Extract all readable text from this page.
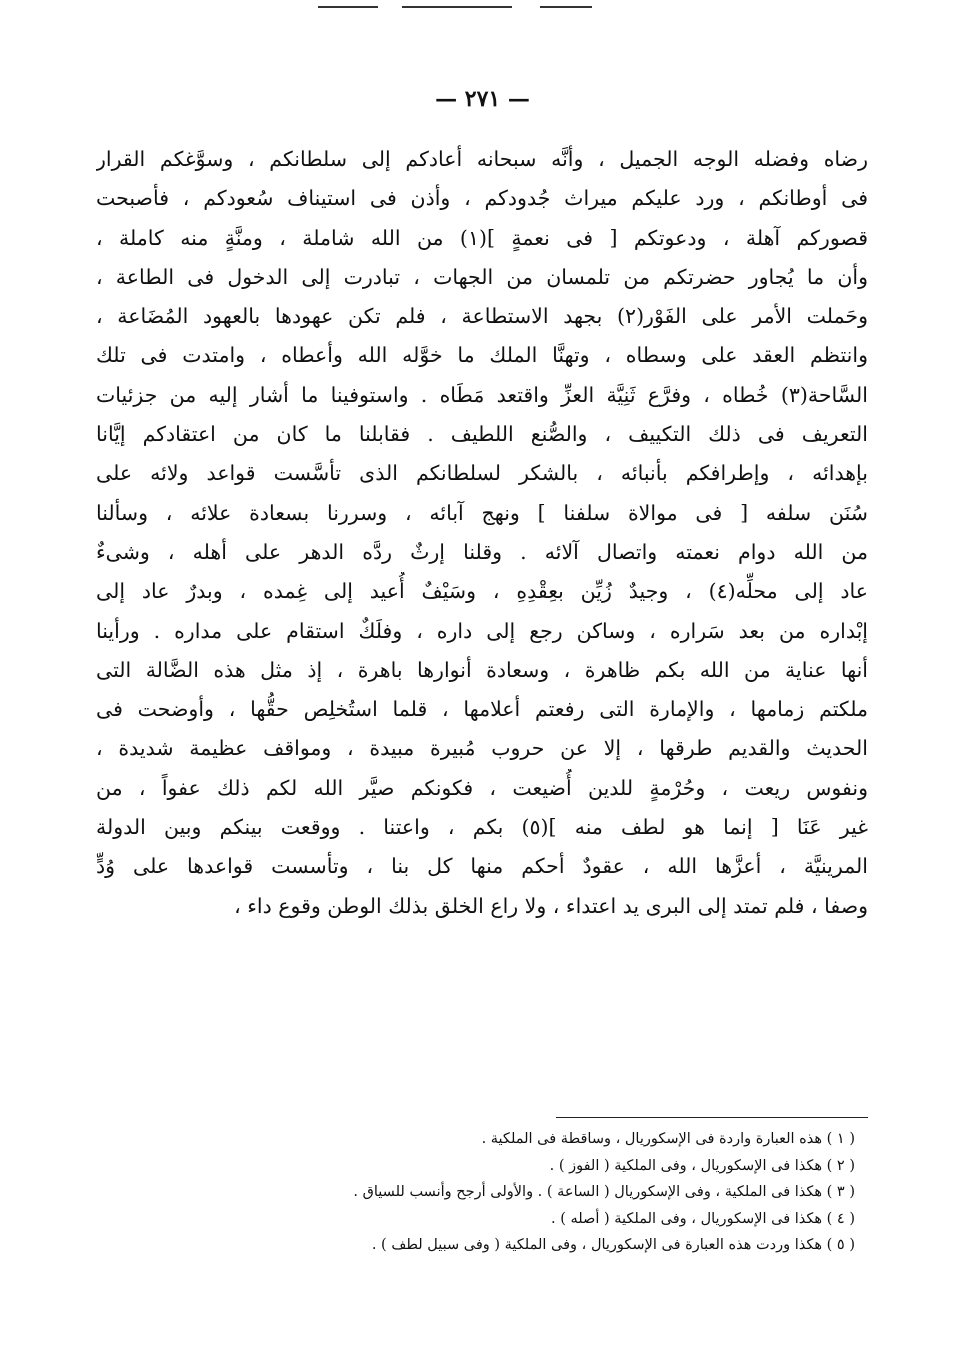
— ٢٧١ —
رضاه وفضله الوجه الجميل ، وأنَّه سبحانه أعادكم إلى سلطانكم ، وسوَّغكم القرار
فى أوطانكم ، ورد عليكم ميراث جُدودكم ، وأذن فى استيناف سُعودكم ، فأصبحت
قصوركم آهلة ، ودعوتكم [ فى نعمةٍ ](١) من الله شاملة ، ومنَّةٍ منه كاملة ،
وأن ما يُجاور حضرتكم من تلمسان من الجهات ، تبادرت إلى الدخول فى الطاعة ،
وحَملت الأمر على الفَوْر(٢) بجهد الاستطاعة ، فلم تكن عهودها بالعهود المُضَاعة ،
وانتظم العقد على وسطاه ، وتهنَّا الملك ما خوَّله الله وأعطاه ، وامتدت فى تلك
السَّاحة(٣) خُطاه ، وفرَّع ثَنِيَّة العزِّ واقتعد مَطَاه . واستوفينا ما أشار إليه من جزئيات
التعريف فى ذلك التكييف ، والصُّنع اللطيف . فقابلنا ما كان من اعتقادكم إيَّانا
بإهدائه ، وإطرافكم بأنبائه ، بالشكر لسلطانكم الذى تأسَّست قواعد ولائه على
سُنَن سلفه [ فى موالاة سلفنا ] ونهج آبائه ، وسررنا بسعادة علائه ، وسألنا
من الله دوام نعمته واتصال آلائه . وقلنا إرثٌ ردَّه الدهر على أهله ، وشىءٌ
عاد إلى محلِّه(٤) ، وجيدٌ زُيِّن بعِقْدِهِ ، وسَيْفٌ أُعيد إلى غِمده ، وبدرٌ عاد إلى
إبْداره من بعد سَراره ، وساكن رجع إلى داره ، وفلَكٌ استقام على مداره . ورأينا
أنها عناية من الله بكم ظاهرة ، وسعادة أنوارها باهرة ، إذ مثل هذه الضَّالة التى
ملكتم زمامها ، والإمارة التى رفعتم أعلامها ، قلما استُخلِص حقُّها ، وأوضحت فى
الحديث والقديم طرقها ، إلا عن حروب مُبيرة مبيدة ، ومواقف عظيمة شديدة ،
ونفوس ريعت ، وحُرْمةٍ للدين أُضيعت ، فكونكم صيَّر الله لكم ذلك عفواً ، من
غير عَنَا [ إنما هو لطف منه ](٥) بكم ، واعتنا . ووقعت بينكم وبين الدولة
المرينيَّة ، أعزَّها الله ، عقودٌ أحكم منها كل بنا ، وتأسست قواعدها على وُدٍّ
وصفا ، فلم تمتد إلى البرى يد اعتداء ، ولا راع الخلق بذلك الوطن وقوع داء ،
( ١ ) هذه العبارة واردة فى الإسكوريال ، وساقطة فى الملكية .
( ٢ ) هكذا فى الإسكوريال ، وفى الملكية ( الفوز ) .
( ٣ ) هكذا فى الملكية ، وفى الإسكوريال ( الساعة ) . والأولى أرجح وأنسب للسياق .
( ٤ ) هكذا فى الإسكوريال ، وفى الملكية ( أصله ) .
( ٥ ) هكذا وردت هذه العبارة فى الإسكوريال ، وفى الملكية ( وفى سبيل لطف ) .
